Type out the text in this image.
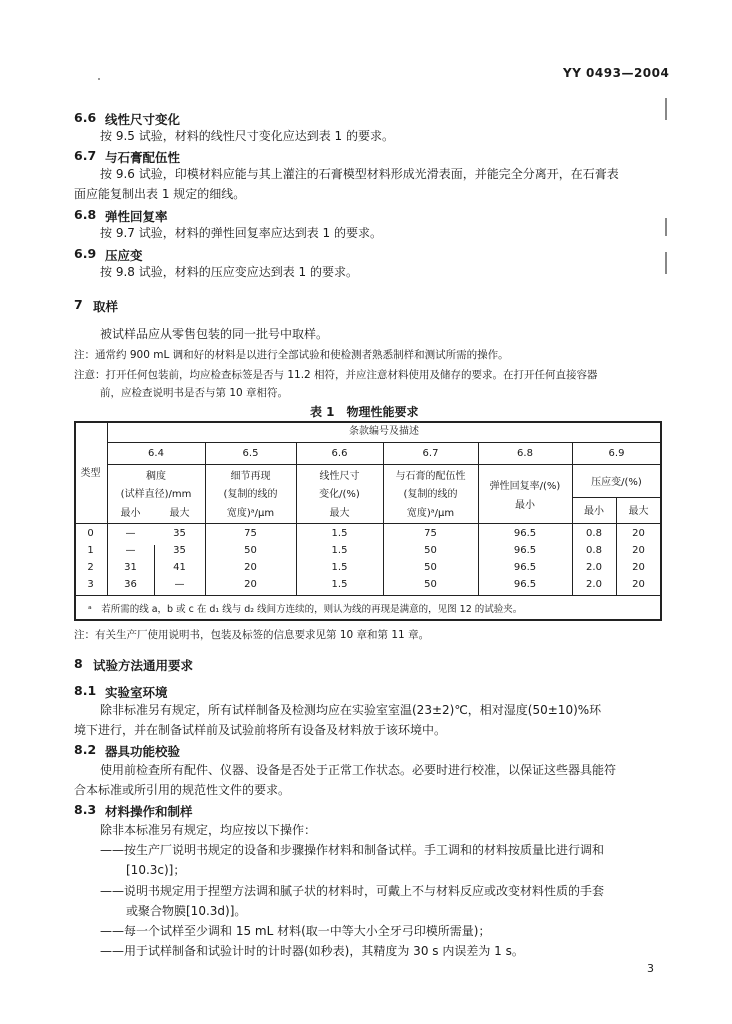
YY 0493—2004
6.6 线性尺寸变化
按 9.5 试验，材料的线性尺寸变化应达到表 1 的要求。
6.7 与石膏配伍性
按 9.6 试验，印模材料应能与其上灌注的石膏模型材料形成光滑表面，并能完全分离开，在石膏表
面应能复制出表 1 规定的细线。
6.8 弹性回复率
按 9.7 试验，材料的弹性回复率应达到表 1 的要求。
6.9 压应变
按 9.8 试验，材料的压应变应达到表 1 的要求。
7 取样
被试样品应从零售包装的同一批号中取样。
注：通常约 900 mL 调和好的材料是以进行全部试验和使检测者熟悉制样和测试所需的操作。
注意：打开任何包装前，均应检查标签是否与 11.2 相符，并应注意材料使用及储存的要求。在打开任何直接容器
前，应检查说明书是否与第 10 章相符。
表 1　物理性能要求
条款编号及描述
类型
6.4	6.5	6.6	6.7	6.8	6.9
稠度
(试样直径)/mm
最小	最大
细节再现
(复制的线的
宽度)ᵃ/μm
线性尺寸
变化/(%)
最大
与石膏的配伍性
(复制的线的
宽度)ᵃ/μm
弹性回复率/(%)
最小
压应变/(%)
最小	最大
0	—	35	75	1.5	75	96.5	0.8	20
1	—	35	50	1.5	50	96.5	0.8	20
2	31	41	20	1.5	50	96.5	2.0	20
3	36	—	20	1.5	50	96.5	2.0	20
ᵃ　若所需的线 a，b 或 c 在 d₁ 线与 d₂ 线间方连续的，则认为线的再现是满意的，见图 12 的试验夹。
注：有关生产厂使用说明书，包装及标签的信息要求见第 10 章和第 11 章。
8 试验方法通用要求
8.1 实验室环境
除非标准另有规定，所有试样制备及检测均应在实验室室温(23±2)℃，相对湿度(50±10)%环
境下进行，并在制备试样前及试验前将所有设备及材料放于该环境中。
8.2 器具功能校验
使用前检查所有配件、仪器、设备是否处于正常工作状态。必要时进行校准，以保证这些器具能符
合本标准或所引用的规范性文件的要求。
8.3 材料操作和制样
除非本标准另有规定，均应按以下操作：
——按生产厂说明书规定的设备和步骤操作材料和制备试样。手工调和的材料按质量比进行调和
[10.3c)]；
——说明书规定用于捏塑方法调和腻子状的材料时，可戴上不与材料反应或改变材料性质的手套
或聚合物膜[10.3d)]。
——每一个试样至少调和 15 mL 材料(取一中等大小全牙弓印模所需量)；
——用于试样制备和试验计时的计时器(如秒表)，其精度为 30 s 内误差为 1 s。
3
